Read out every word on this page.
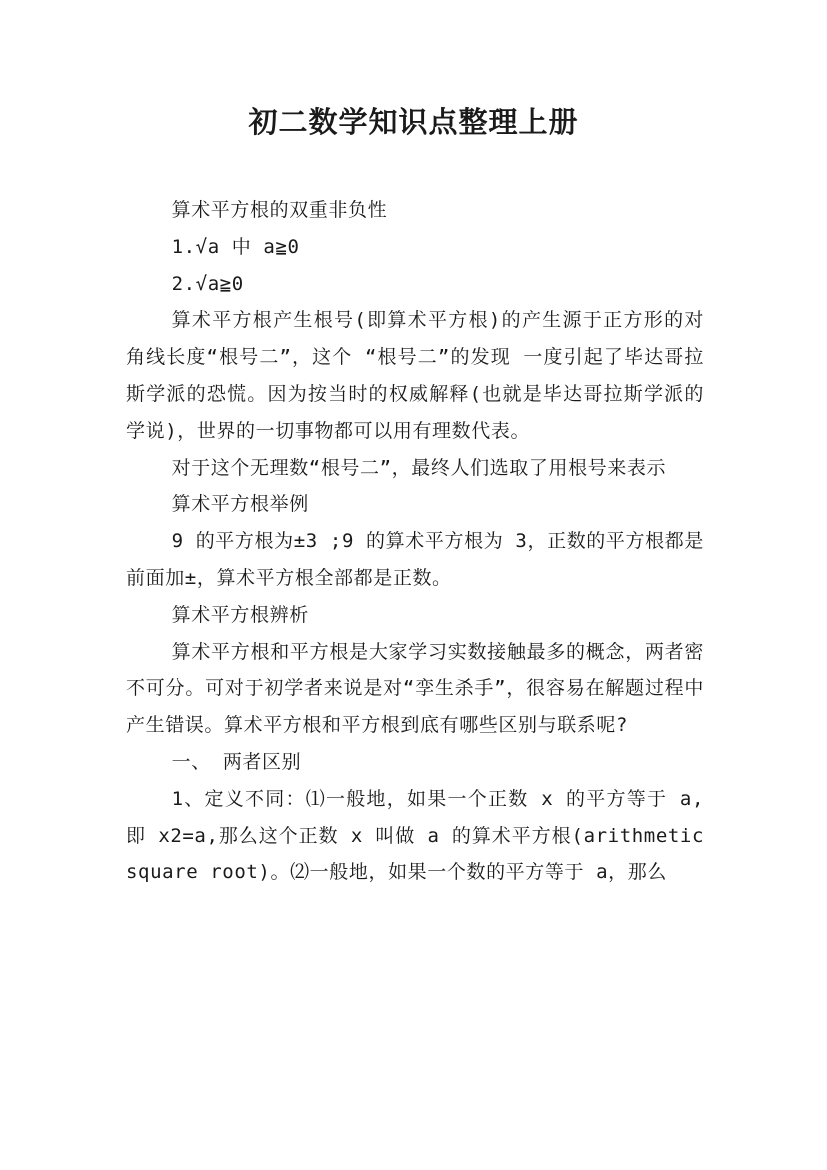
初二数学知识点整理上册

算术平方根的双重非负性

1.√a 中 a≧0

2.√a≧0

算术平方根产生根号(即算术平方根)的产生源于正方形的对角线长度“根号二”，这个 “根号二”的发现 一度引起了毕达哥拉斯学派的恐慌。因为按当时的权威解释(也就是毕达哥拉斯学派的学说)，世界的一切事物都可以用有理数代表。

对于这个无理数“根号二”，最终人们选取了用根号来表示

算术平方根举例

9 的平方根为±3 ;9 的算术平方根为 3，正数的平方根都是前面加±，算术平方根全部都是正数。

算术平方根辨析

算术平方根和平方根是大家学习实数接触最多的概念，两者密不可分。可对于初学者来说是对“孪生杀手”，很容易在解题过程中产生错误。算术平方根和平方根到底有哪些区别与联系呢?

一、 两者区别

1、定义不同：⑴一般地，如果一个正数 x 的平方等于 a,即 x2=a,那么这个正数 x 叫做 a 的算术平方根(arithmetic square root)。⑵一般地，如果一个数的平方等于 a，那么
